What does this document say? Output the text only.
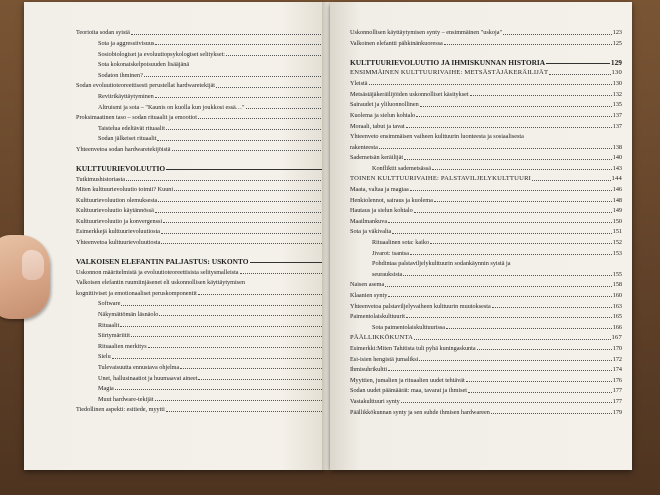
Teorioita sodan syistä
Sota ja aggressiivisuus
Sosiobiologiset ja evoluutiopsykologiset selitykset:
Sota kokonaiskelpoisuuden lisääjänä
Sodaton ihminen?
Sodan evoluutioteoreettisesti perustellat hardwaretekijät
Reviirikäyttäytyminen
Altruismi ja sota – "Kaunis on kuolla kun joukkosi essä…"
Proksimaatinen taso – sodan rituaalit ja emootiot
Taistelua edeltävät rituaalit
Sodan jälkeiset rituaalit
Yhteenvetoa sodan hardwaretekijöistä
KULTTUURIEVOLUUTIO
Tutkimushistoriasta
Miten kulttuurievoluutio toimii? Kuuni
Kulttuurievoluution olemuksesta
Kulttuurievoluutio käytännössä
Kulttuurievoluutio ja konvergenssi
Esimerkkejä kulttuurievoluutiosta
Yhteenvetoa kulttuurievoluutiosta
VALKOISEN ELEFANTIN PALJASTUS: USKONTO
Uskonnon määritelmistä ja evoluutioteoreettisista selitysmalleista
Valkoisen elefantin ruumiinjäsenet eli uskonnollisen käyttäytymisen
kognitiiviset ja emotionaaliset peruskomponentit
Software
Näkymättömän läsnäolo
Rituaalit
Siirtymäriitit
Rituaalien merkitys
Sielu
Tulevaisuutta ennustava ohjelma
Unet, hallusinaatiot ja huumaavat aineet
Magia
Muut hardware-tekijät
Tiedollinen aspekti: esitiede, myytti
Uskonnollisen käyttäytymisen synty – ensimmäinen "uskoja"	123
Valkoinen elefantti pähkinänkuoressa	125
KULTTUURIEVOLUUTIO JA IHMISKUNNAN HISTORIA	129
ENSIMMÄINEN KULTTUURIVAIHE: METSÄSTÄJÄKERÄILIJÄT	130
Yleistä	130
Metsästäjäkeräilijöiden uskonnolliset käsitykset	132
Sairaudet ja yliluonnollinen	135
Kuolema ja sielun kohtalo	137
Moraali, tabut ja tavat	137
Yhteenveto ensimmäisen vaiheen kulttuurin luonteesta ja sosiaalisesta
rakenteesta	138
Sademetsän keräilijät	140
Konfliktit sademetsässä	143
TOINEN KULTTUURIVAIHE: PALSTAVILJELYKULTTUURI	144
Maata, valtaa ja magiaa	146
Henkiolennot, sairaus ja kuolema	148
Hautaus ja sielun kohtalo	149
Maailmankuva	150
Sota ja väkivalta	151
Rituaalinen sota: kaiko	152
Jivarot: tsantsa	153
Pohdintaa palstaviljelykulttuurin sodankäynnin syistä ja
seurauksista	155
Naisen asema	158
Klaanien synty	160
Yhteenvetoa palstaviljelyvaiheen kulttuurin muutoksesta	163
Paimentolaiskulttuurit	165
Sota paimentolaiskulttuurissa	166
PÄÄLLIKKÖKUNTA	167
Esimerkki:Miten Tahitista tuli pyhä kuningaskunta	170
Esi-isien hengistä jumaliksi	172
Ihmisuhrikultti	174
Myyttien, jumalien ja rituaalien uudet tehtävät	176
Sodan uudet päämäärät: maa, tavarat ja ihmiset	177
Vastakulttuuri synty	177
Päällikkökunnan synty ja sen suhde ihmisen hardwareen	179
